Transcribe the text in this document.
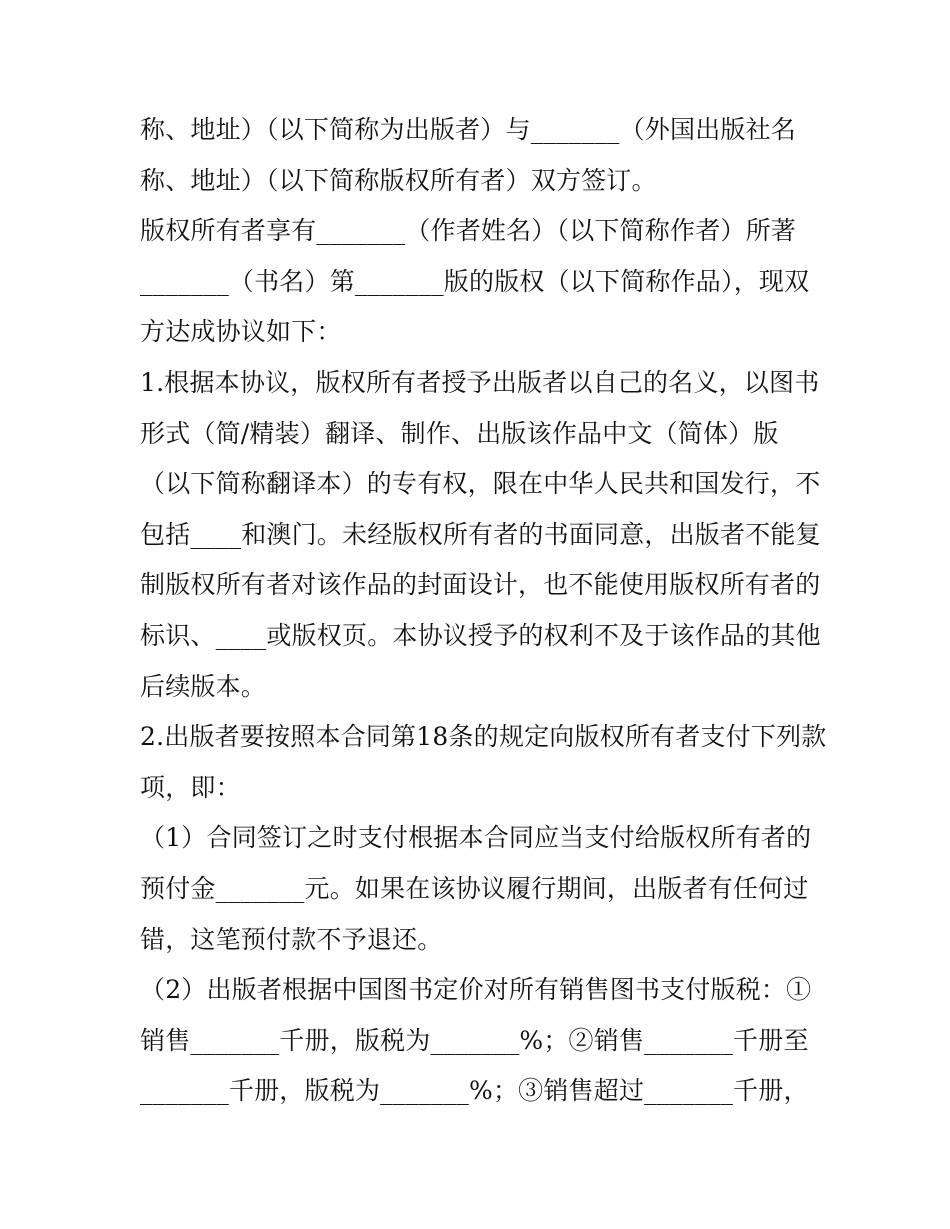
称、地址）（以下简称为出版者）与_______（外国出版社名
称、地址）（以下简称版权所有者）双方签订。
版权所有者享有_______（作者姓名）（以下简称作者）所著
_______（书名）第_______版的版权（以下简称作品），现双
方达成协议如下：
1.根据本协议，版权所有者授予出版者以自己的名义，以图书
形式（简/精装）翻译、制作、出版该作品中文（简体）版
（以下简称翻译本）的专有权，限在中华人民共和国发行，不
包括____和澳门。未经版权所有者的书面同意，出版者不能复
制版权所有者对该作品的封面设计，也不能使用版权所有者的
标识、____或版权页。本协议授予的权利不及于该作品的其他
后续版本。
2.出版者要按照本合同第18条的规定向版权所有者支付下列款
项，即：
（1）合同签订之时支付根据本合同应当支付给版权所有者的
预付金_______元。如果在该协议履行期间，出版者有任何过
错，这笔预付款不予退还。
（2）出版者根据中国图书定价对所有销售图书支付版税：①
销售_______千册，版税为_______%；②销售_______千册至
_______千册，版税为_______%；③销售超过_______千册，
